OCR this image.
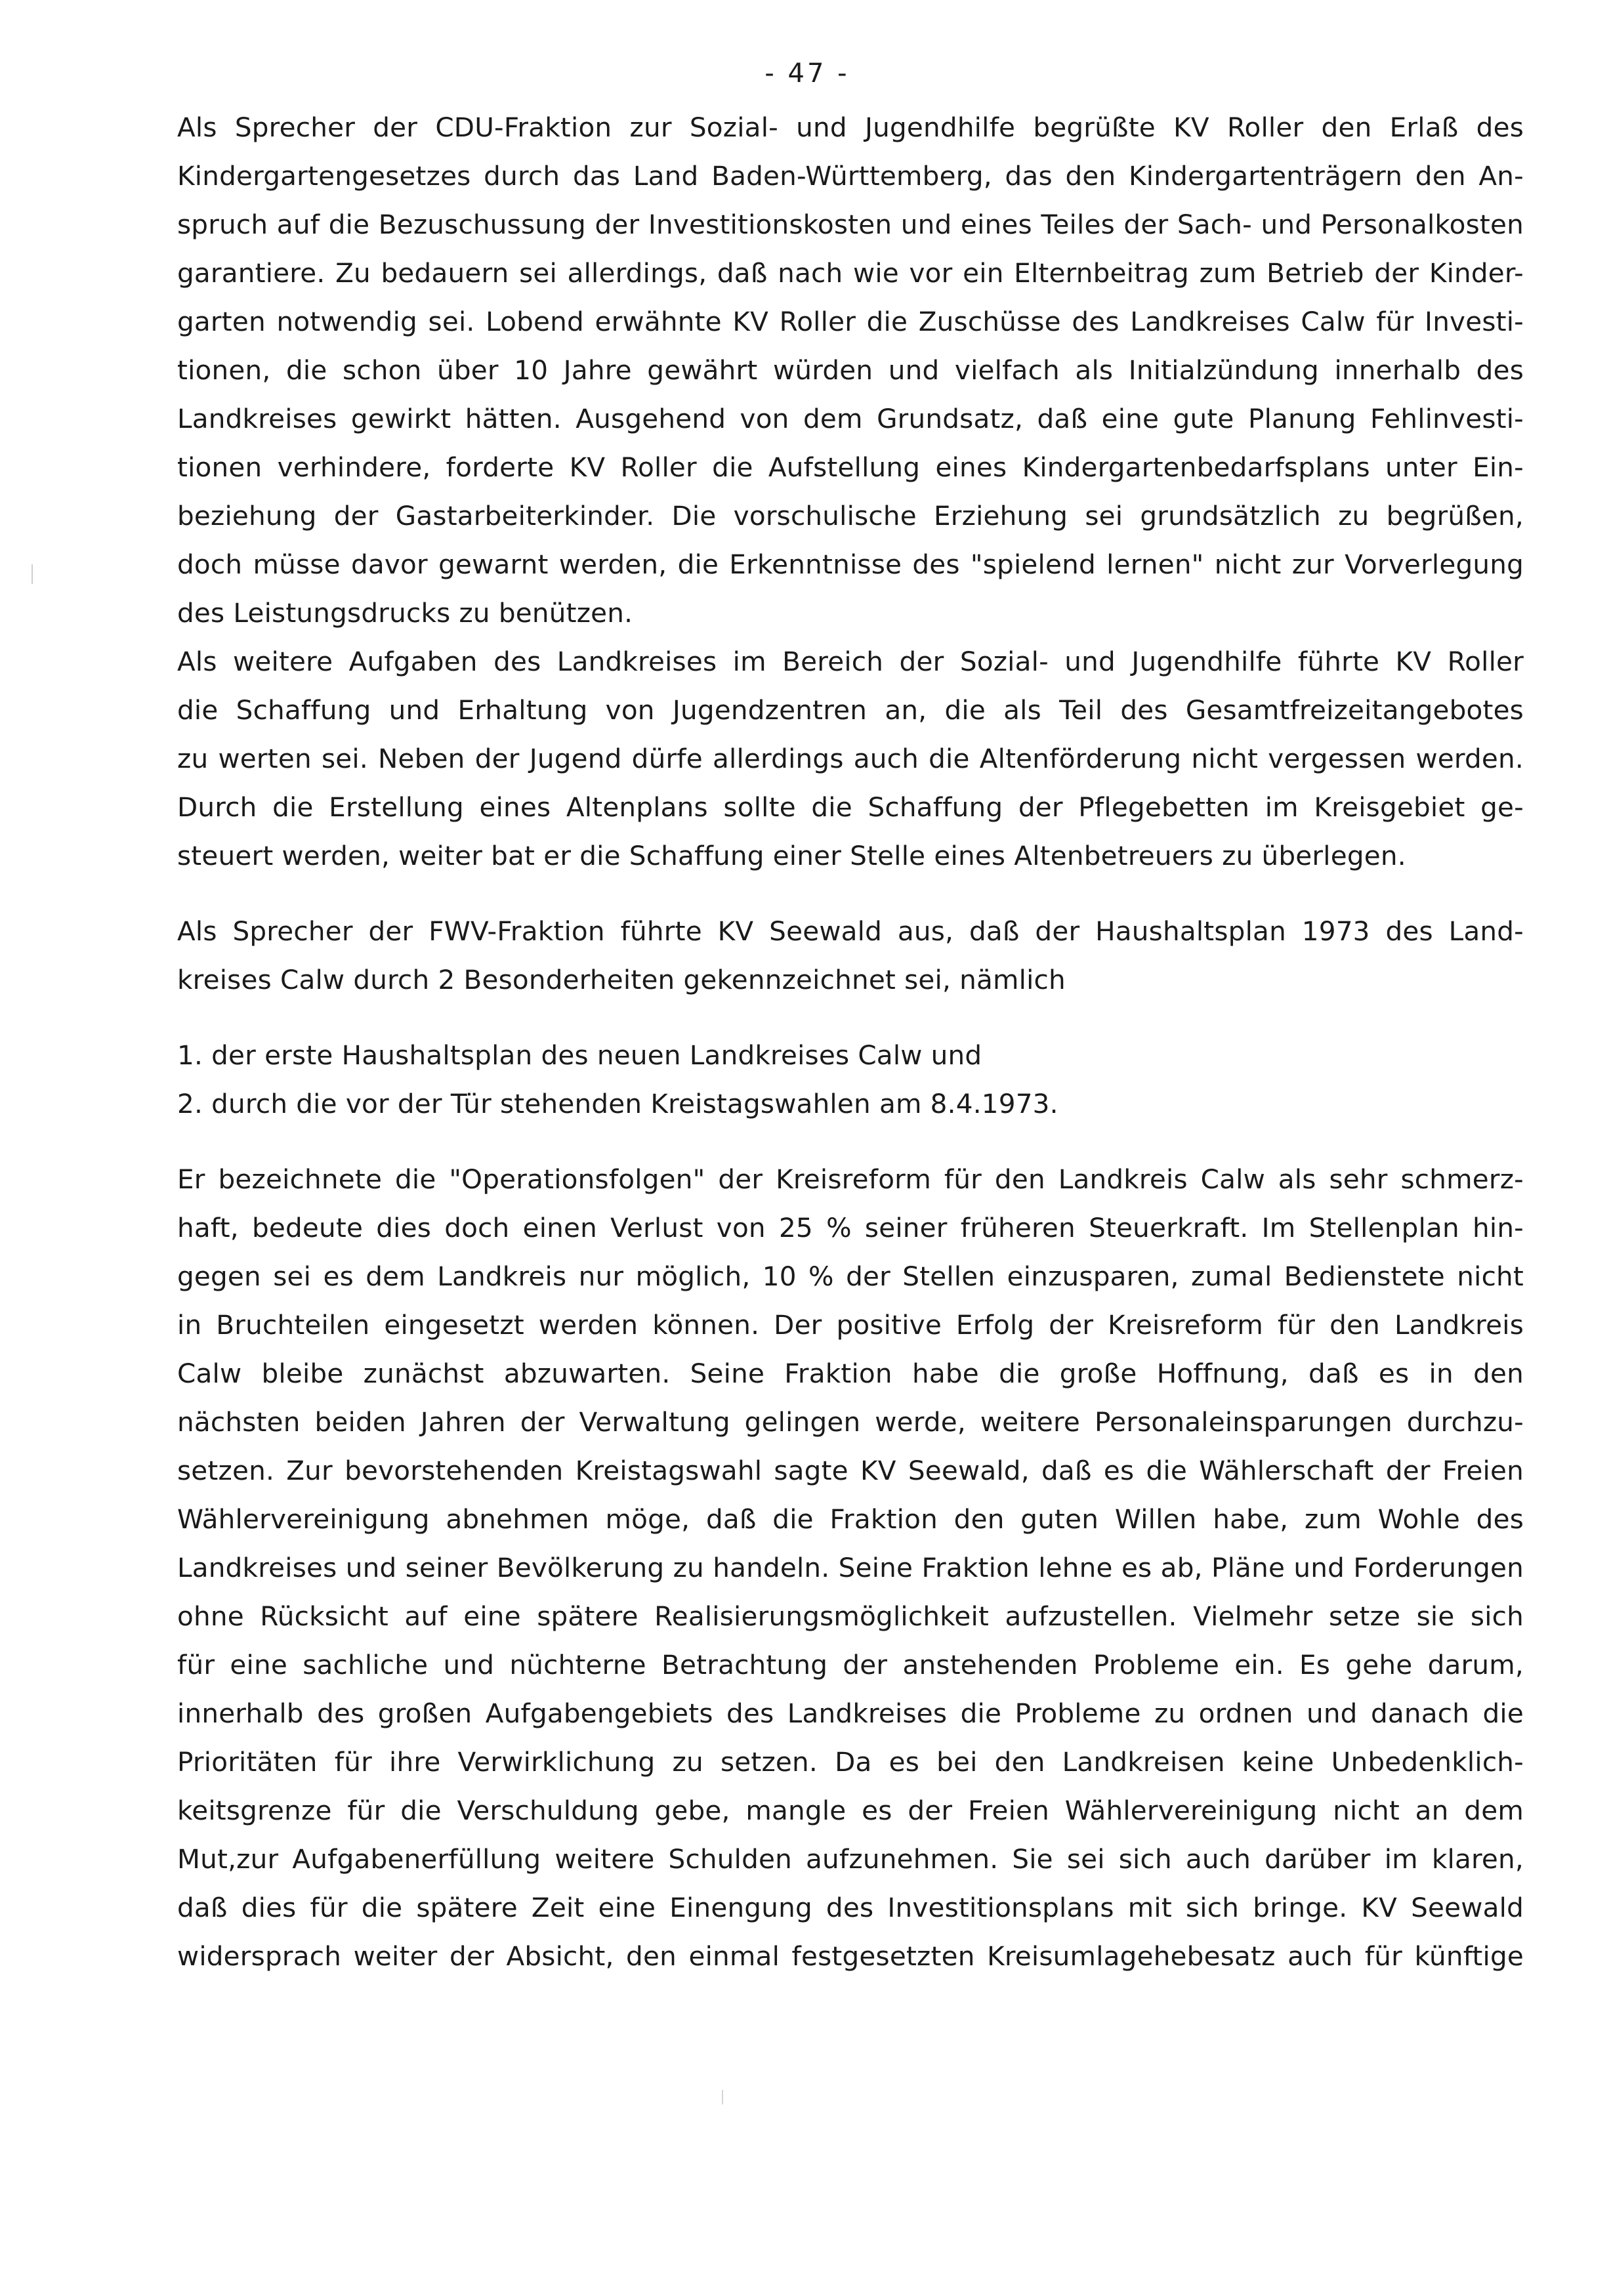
- 47 -
Als Sprecher der CDU-Fraktion zur Sozial- und Jugendhilfe begrüßte KV Roller den Erlaß des
Kindergartengesetzes durch das Land Baden-Württemberg, das den Kindergartenträgern den An-
spruch auf die Bezuschussung der Investitionskosten und eines Teiles der Sach- und Personalkosten
garantiere. Zu bedauern sei allerdings, daß nach wie vor ein Elternbeitrag zum Betrieb der Kinder-
garten notwendig sei. Lobend erwähnte KV Roller die Zuschüsse des Landkreises Calw für Investi-
tionen, die schon über 10 Jahre gewährt würden und vielfach als Initialzündung innerhalb des
Landkreises gewirkt hätten. Ausgehend von dem Grundsatz, daß eine gute Planung Fehlinvesti-
tionen verhindere, forderte KV Roller die Aufstellung eines Kindergartenbedarfsplans unter Ein-
beziehung der Gastarbeiterkinder. Die vorschulische Erziehung sei grundsätzlich zu begrüßen,
doch müsse davor gewarnt werden, die Erkenntnisse des "spielend lernen" nicht zur Vorverlegung
des Leistungsdrucks zu benützen.
Als weitere Aufgaben des Landkreises im Bereich der Sozial- und Jugendhilfe führte KV Roller
die Schaffung und Erhaltung von Jugendzentren an, die als Teil des Gesamtfreizeitangebotes
zu werten sei. Neben der Jugend dürfe allerdings auch die Altenförderung nicht vergessen werden.
Durch die Erstellung eines Altenplans sollte die Schaffung der Pflegebetten im Kreisgebiet ge-
steuert werden, weiter bat er die Schaffung einer Stelle eines Altenbetreuers zu überlegen.
Als Sprecher der FWV-Fraktion führte KV Seewald aus, daß der Haushaltsplan 1973 des Land-
kreises Calw durch 2 Besonderheiten gekennzeichnet sei, nämlich
1. der erste Haushaltsplan des neuen Landkreises Calw und
2. durch die vor der Tür stehenden Kreistagswahlen am 8.4.1973.
Er bezeichnete die "Operationsfolgen" der Kreisreform für den Landkreis Calw als sehr schmerz-
haft, bedeute dies doch einen Verlust von 25 % seiner früheren Steuerkraft. Im Stellenplan hin-
gegen sei es dem Landkreis nur möglich, 10 % der Stellen einzusparen, zumal Bedienstete nicht
in Bruchteilen eingesetzt werden können. Der positive Erfolg der Kreisreform für den Landkreis
Calw bleibe zunächst abzuwarten. Seine Fraktion habe die große Hoffnung, daß es in den
nächsten beiden Jahren der Verwaltung gelingen werde, weitere Personaleinsparungen durchzu-
setzen. Zur bevorstehenden Kreistagswahl sagte KV Seewald, daß es die Wählerschaft der Freien
Wählervereinigung abnehmen möge, daß die Fraktion den guten Willen habe, zum Wohle des
Landkreises und seiner Bevölkerung zu handeln. Seine Fraktion lehne es ab, Pläne und Forderungen
ohne Rücksicht auf eine spätere Realisierungsmöglichkeit aufzustellen. Vielmehr setze sie sich
für eine sachliche und nüchterne Betrachtung der anstehenden Probleme ein. Es gehe darum,
innerhalb des großen Aufgabengebiets des Landkreises die Probleme zu ordnen und danach die
Prioritäten für ihre Verwirklichung zu setzen. Da es bei den Landkreisen keine Unbedenklich-
keitsgrenze für die Verschuldung gebe, mangle es der Freien Wählervereinigung nicht an dem
Mut,zur Aufgabenerfüllung weitere Schulden aufzunehmen. Sie sei sich auch darüber im klaren,
daß dies für die spätere Zeit eine Einengung des Investitionsplans mit sich bringe. KV Seewald
widersprach weiter der Absicht, den einmal festgesetzten Kreisumlagehebesatz auch für künftige
